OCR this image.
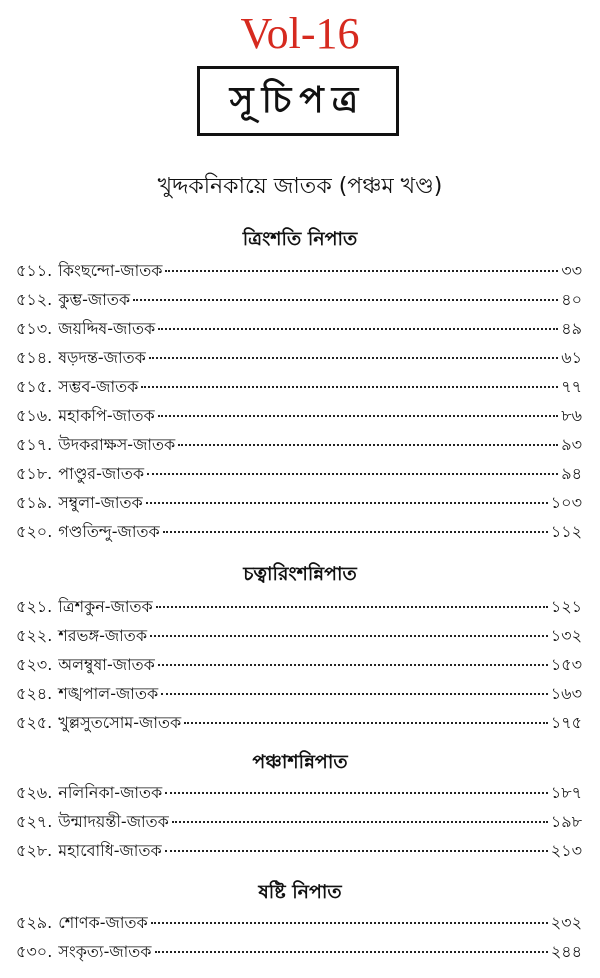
Vol-16
সূচিপত্র
খুদ্দকনিকায়ে জাতক (পঞ্চম খণ্ড)
ত্রিংশতি নিপাত
৫১১. কিংছন্দো-জাতক	৩৩
৫১২. কুম্ভ-জাতক	৪০
৫১৩. জয়দ্দিষ-জাতক	৪৯
৫১৪. ষড়দন্ত-জাতক	৬১
৫১৫. সম্ভব-জাতক	৭৭
৫১৬. মহাকপি-জাতক	৮৬
৫১৭. উদকরাক্ষস-জাতক	৯৩
৫১৮. পাণ্ডুর-জাতক	৯৪
৫১৯. সম্বুলা-জাতক	১০৩
৫২০. গণ্ডতিন্দু-জাতক	১১২
চত্বারিংশন্নিপাত
৫২১. ত্রিশকুন-জাতক	১২১
৫২২. শরভঙ্গ-জাতক	১৩২
৫২৩. অলম্বুষা-জাতক	১৫৩
৫২৪. শঙ্খপাল-জাতক	১৬৩
৫২৫. খুল্লসুতসোম-জাতক	১৭৫
পঞ্চাশন্নিপাত
৫২৬. নলিনিকা-জাতক	১৮৭
৫২৭. উন্মাদয়ন্তী-জাতক	১৯৮
৫২৮. মহাবোধি-জাতক	২১৩
ষষ্টি নিপাত
৫২৯. শোণক-জাতক	২৩২
৫৩০. সংকৃত্য-জাতক	২৪৪
